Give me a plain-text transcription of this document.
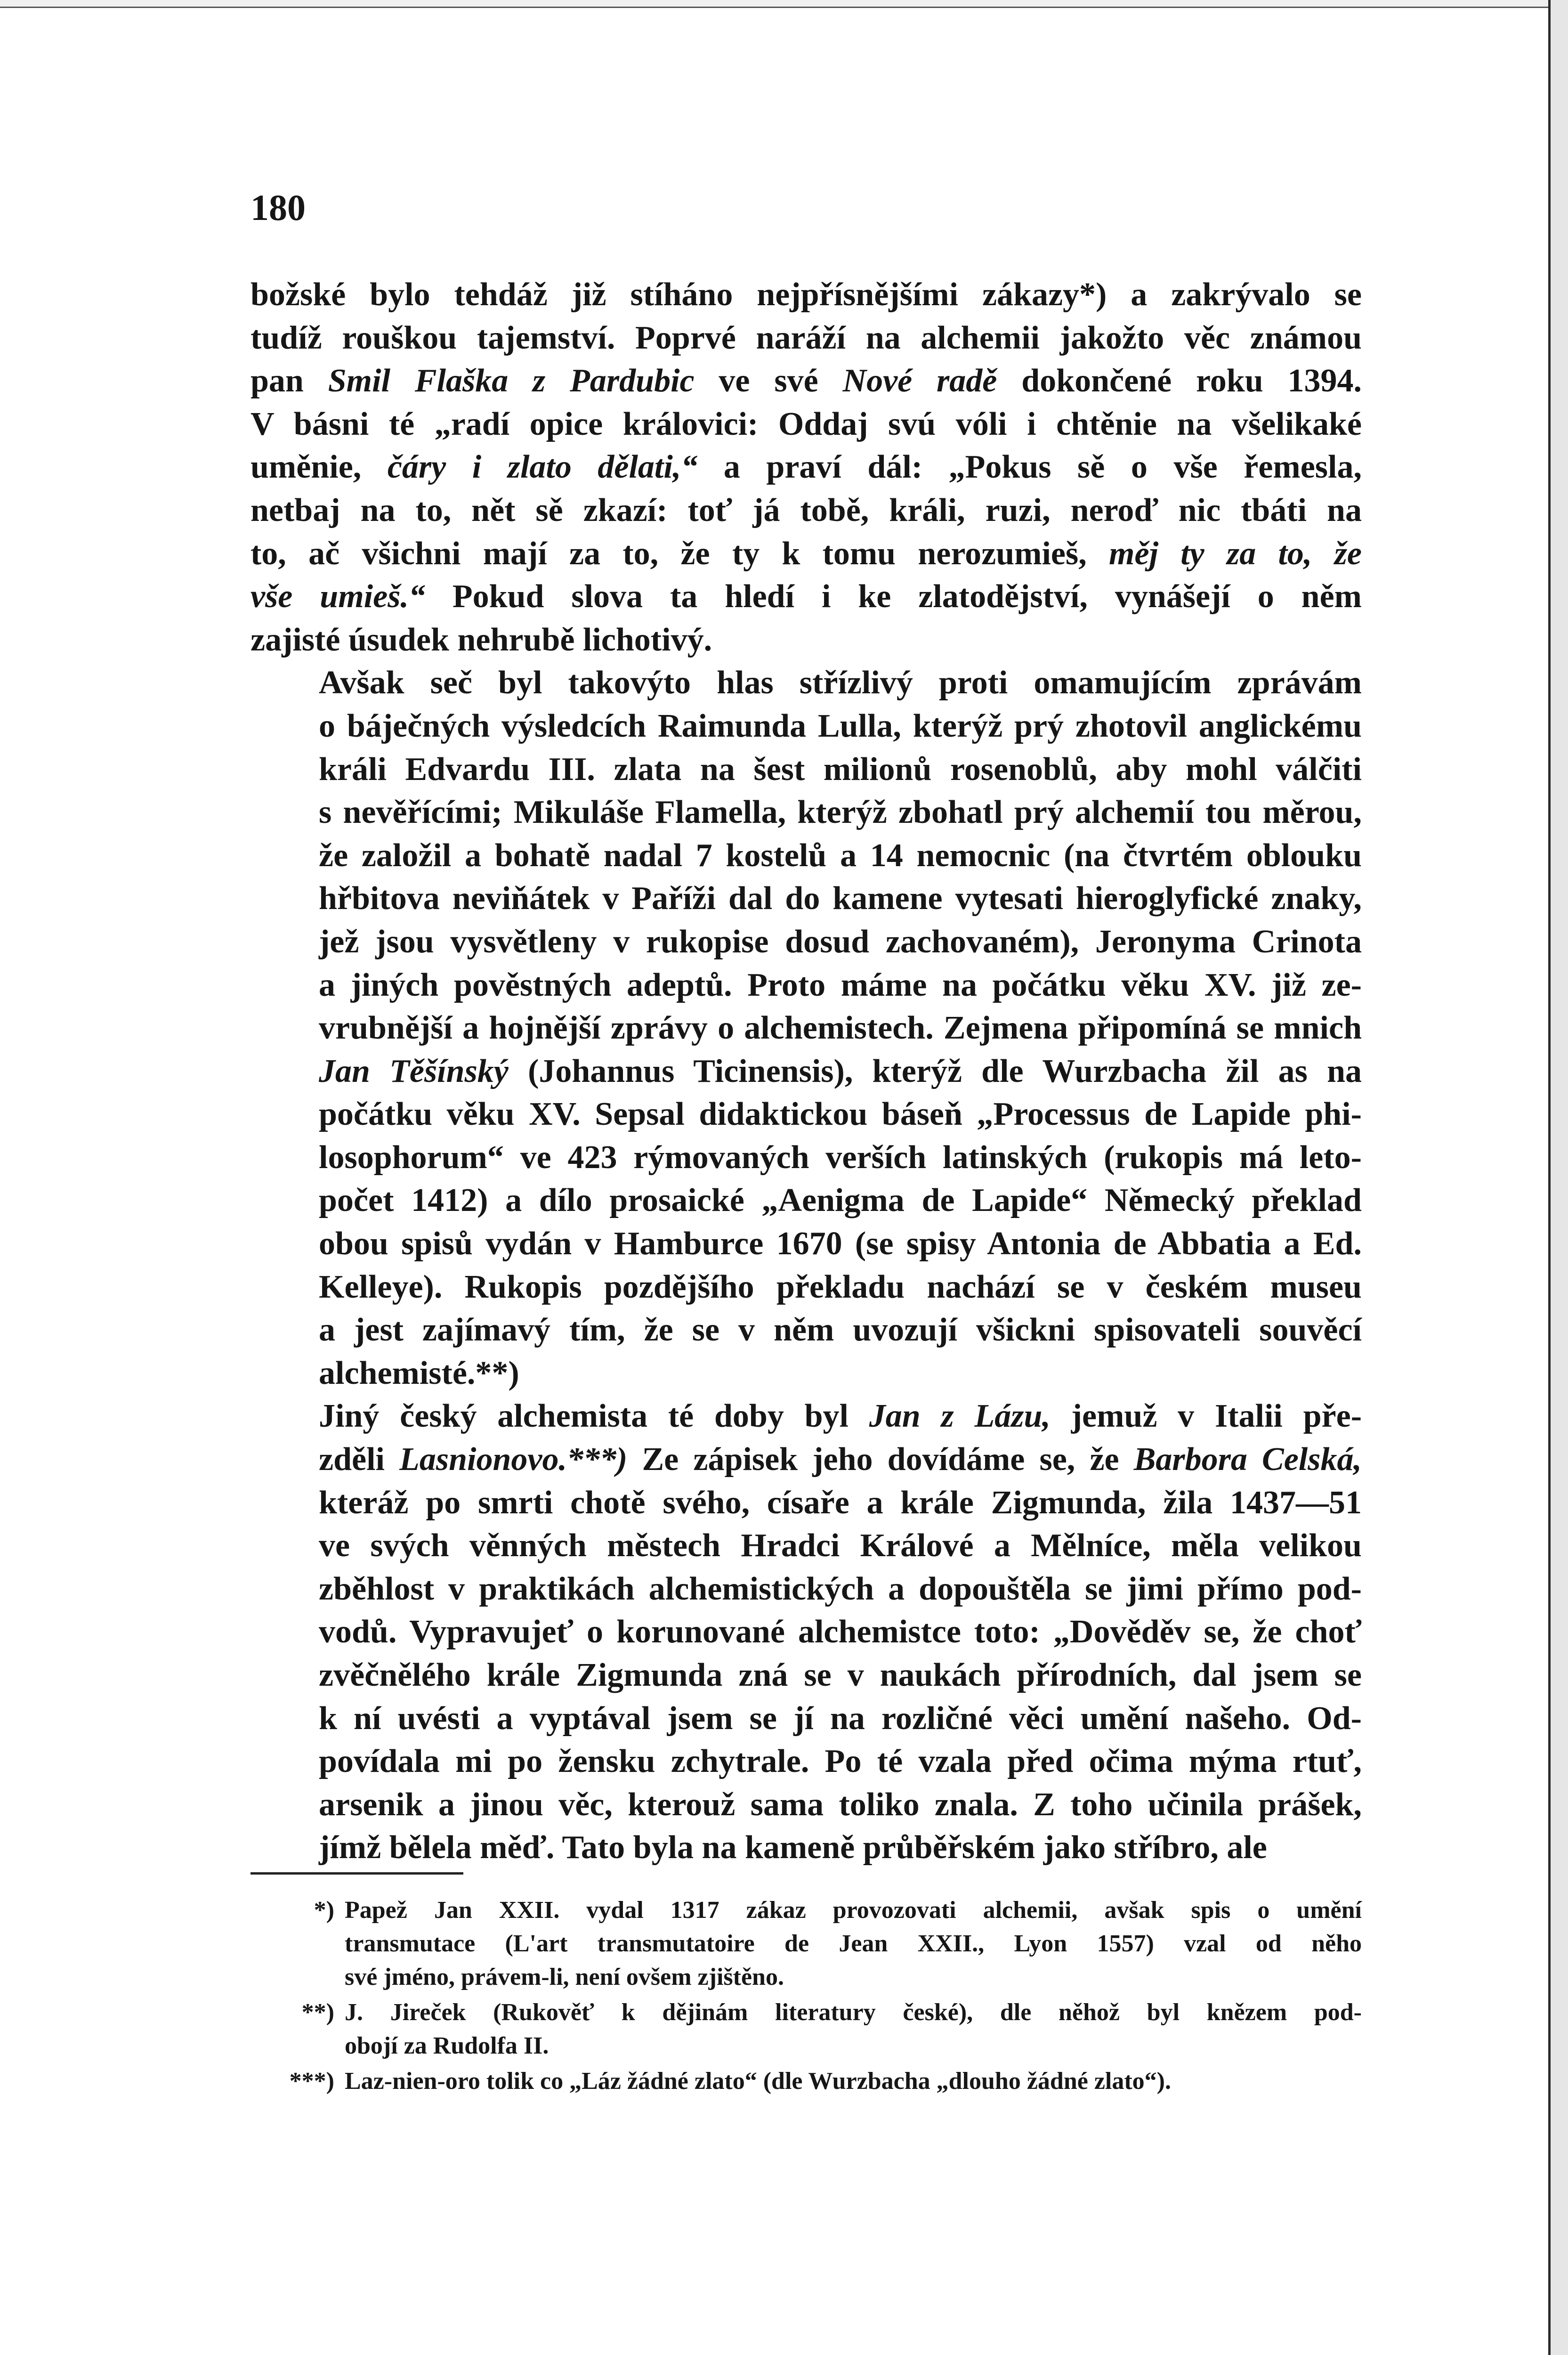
180

božské bylo tehdáž již stíháno nejpřísnějšími zákazy*) a zakrývalo se
tudíž rouškou tajemství. Poprvé naráží na alchemii jakožto věc známou
pan Smil Flaška z Pardubic ve své Nové radě dokončené roku 1394.
V básni té „radí opice královici: Oddaj svú vóli i chtěnie na všelikaké
uměnie, čáry i zlato dělati,“ a praví dál: „Pokus sě o vše řemesla,
netbaj na to, nět sě zkazí: toť já tobě, králi, ruzi, neroď nic tbáti na
to, ač všichni mají za to, že ty k tomu nerozumieš, měj ty za to, že
vše umieš.“ Pokud slova ta hledí i ke zlatodějství, vynášejí o něm
zajisté úsudek nehrubě lichotivý.

Avšak seč byl takovýto hlas střízlivý proti omamujícím zprávám
o báječných výsledcích Raimunda Lulla, kterýž prý zhotovil anglickému
králi Edvardu III. zlata na šest milionů rosenoblů, aby mohl válčiti
s nevěřícími; Mikuláše Flamella, kterýž zbohatl prý alchemií tou měrou,
že založil a bohatě nadal 7 kostelů a 14 nemocnic (na čtvrtém oblouku
hřbitova neviňátek v Paříži dal do kamene vytesati hieroglyfické znaky,
jež jsou vysvětleny v rukopise dosud zachovaném), Jeronyma Crinota
a jiných pověstných adeptů. Proto máme na počátku věku XV. již ze-
vrubnější a hojnější zprávy o alchemistech. Zejmena připomíná se mnich
Jan Těšínský (Johannus Ticinensis), kterýž dle Wurzbacha žil as na
počátku věku XV. Sepsal didaktickou báseň „Processus de Lapide phi-
losophorum“ ve 423 rýmovaných verších latinských (rukopis má leto-
počet 1412) a dílo prosaické „Aenigma de Lapide“ Německý překlad
obou spisů vydán v Hamburce 1670 (se spisy Antonia de Abbatia a Ed.
Kelleye). Rukopis pozdějšího překladu nachází se v českém museu
a jest zajímavý tím, že se v něm uvozují všickni spisovateli souvěcí
alchemisté.**)

Jiný český alchemista té doby byl Jan z Lázu, jemuž v Italii pře-
zděli Lasnionovo.***) Ze zápisek jeho dovídáme se, že Barbora Celská,
kteráž po smrti chotě svého, císaře a krále Zigmunda, žila 1437—51
ve svých věnných městech Hradci Králové a Mělníce, měla velikou
zběhlost v praktikách alchemistických a dopouštěla se jimi přímo pod-
vodů. Vypravujeť o korunované alchemistce toto: „Dověděv se, že choť
zvěčnělého krále Zigmunda zná se v naukách přírodních, dal jsem se
k ní uvésti a vyptával jsem se jí na rozličné věci umění našeho. Od-
povídala mi po žensku zchytrale. Po té vzala před očima mýma rtuť,
arsenik a jinou věc, kterouž sama toliko znala. Z toho učinila prášek,
jímž bělela měď. Tato byla na kameně průběřském jako stříbro, ale

*) Papež Jan XXII. vydal 1317 zákaz provozovati alchemii, avšak spis o umění
transmutace (L'art transmutatoire de Jean XXII., Lyon 1557) vzal od něho
své jméno, právem-li, není ovšem zjištěno.
**) J. Jireček (Rukověť k dějinám literatury české), dle něhož byl knězem pod-
obojí za Rudolfa II.
***) Laz-nien-oro tolik co „Láz žádné zlato“ (dle Wurzbacha „dlouho žádné zlato“).
